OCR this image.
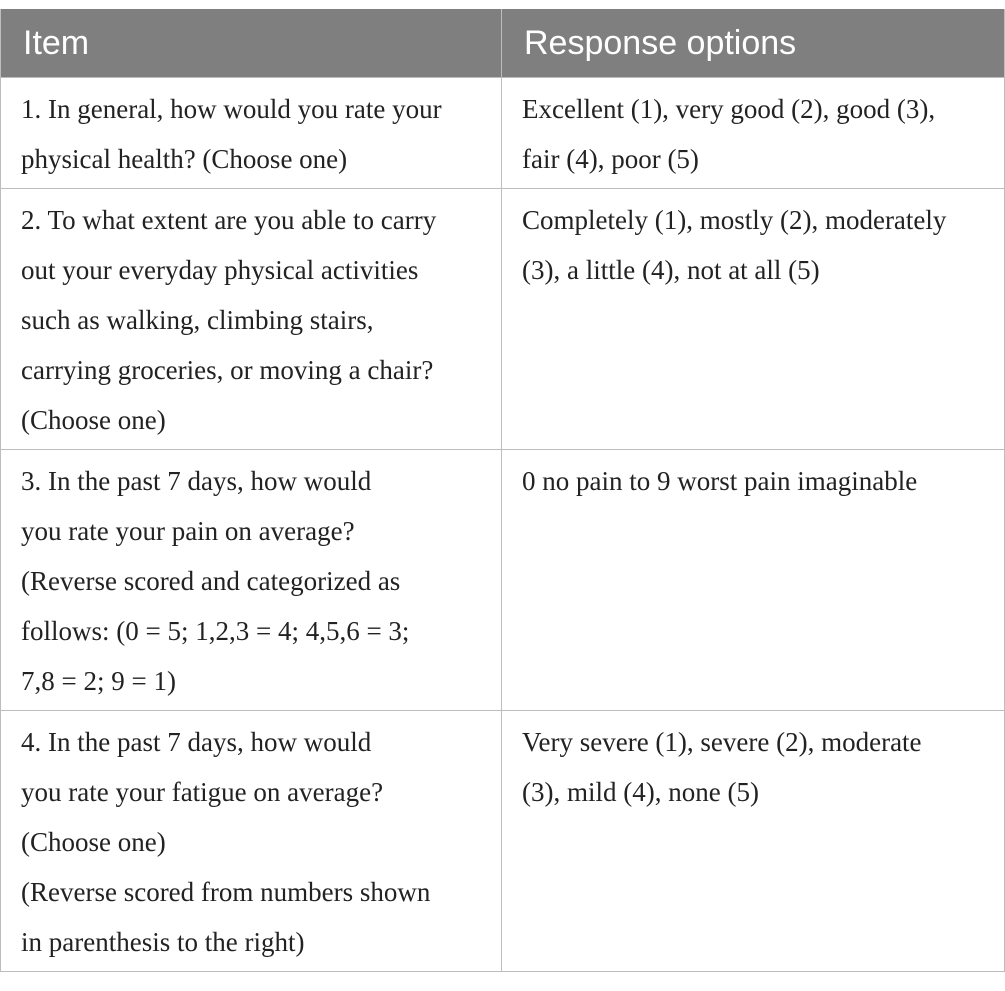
Item	Response options
1. In general, how would you rate your
physical health? (Choose one)	Excellent (1), very good (2), good (3),
fair (4), poor (5)
2. To what extent are you able to carry
out your everyday physical activities
such as walking, climbing stairs,
carrying groceries, or moving a chair?
(Choose one)	Completely (1), mostly (2), moderately
(3), a little (4), not at all (5)
3. In the past 7 days, how would
you rate your pain on average?
(Reverse scored and categorized as
follows: (0 = 5; 1,2,3 = 4; 4,5,6 = 3;
7,8 = 2; 9 = 1)	0 no pain to 9 worst pain imaginable
4. In the past 7 days, how would
you rate your fatigue on average?
(Choose one)
(Reverse scored from numbers shown
in parenthesis to the right)	Very severe (1), severe (2), moderate
(3), mild (4), none (5)
